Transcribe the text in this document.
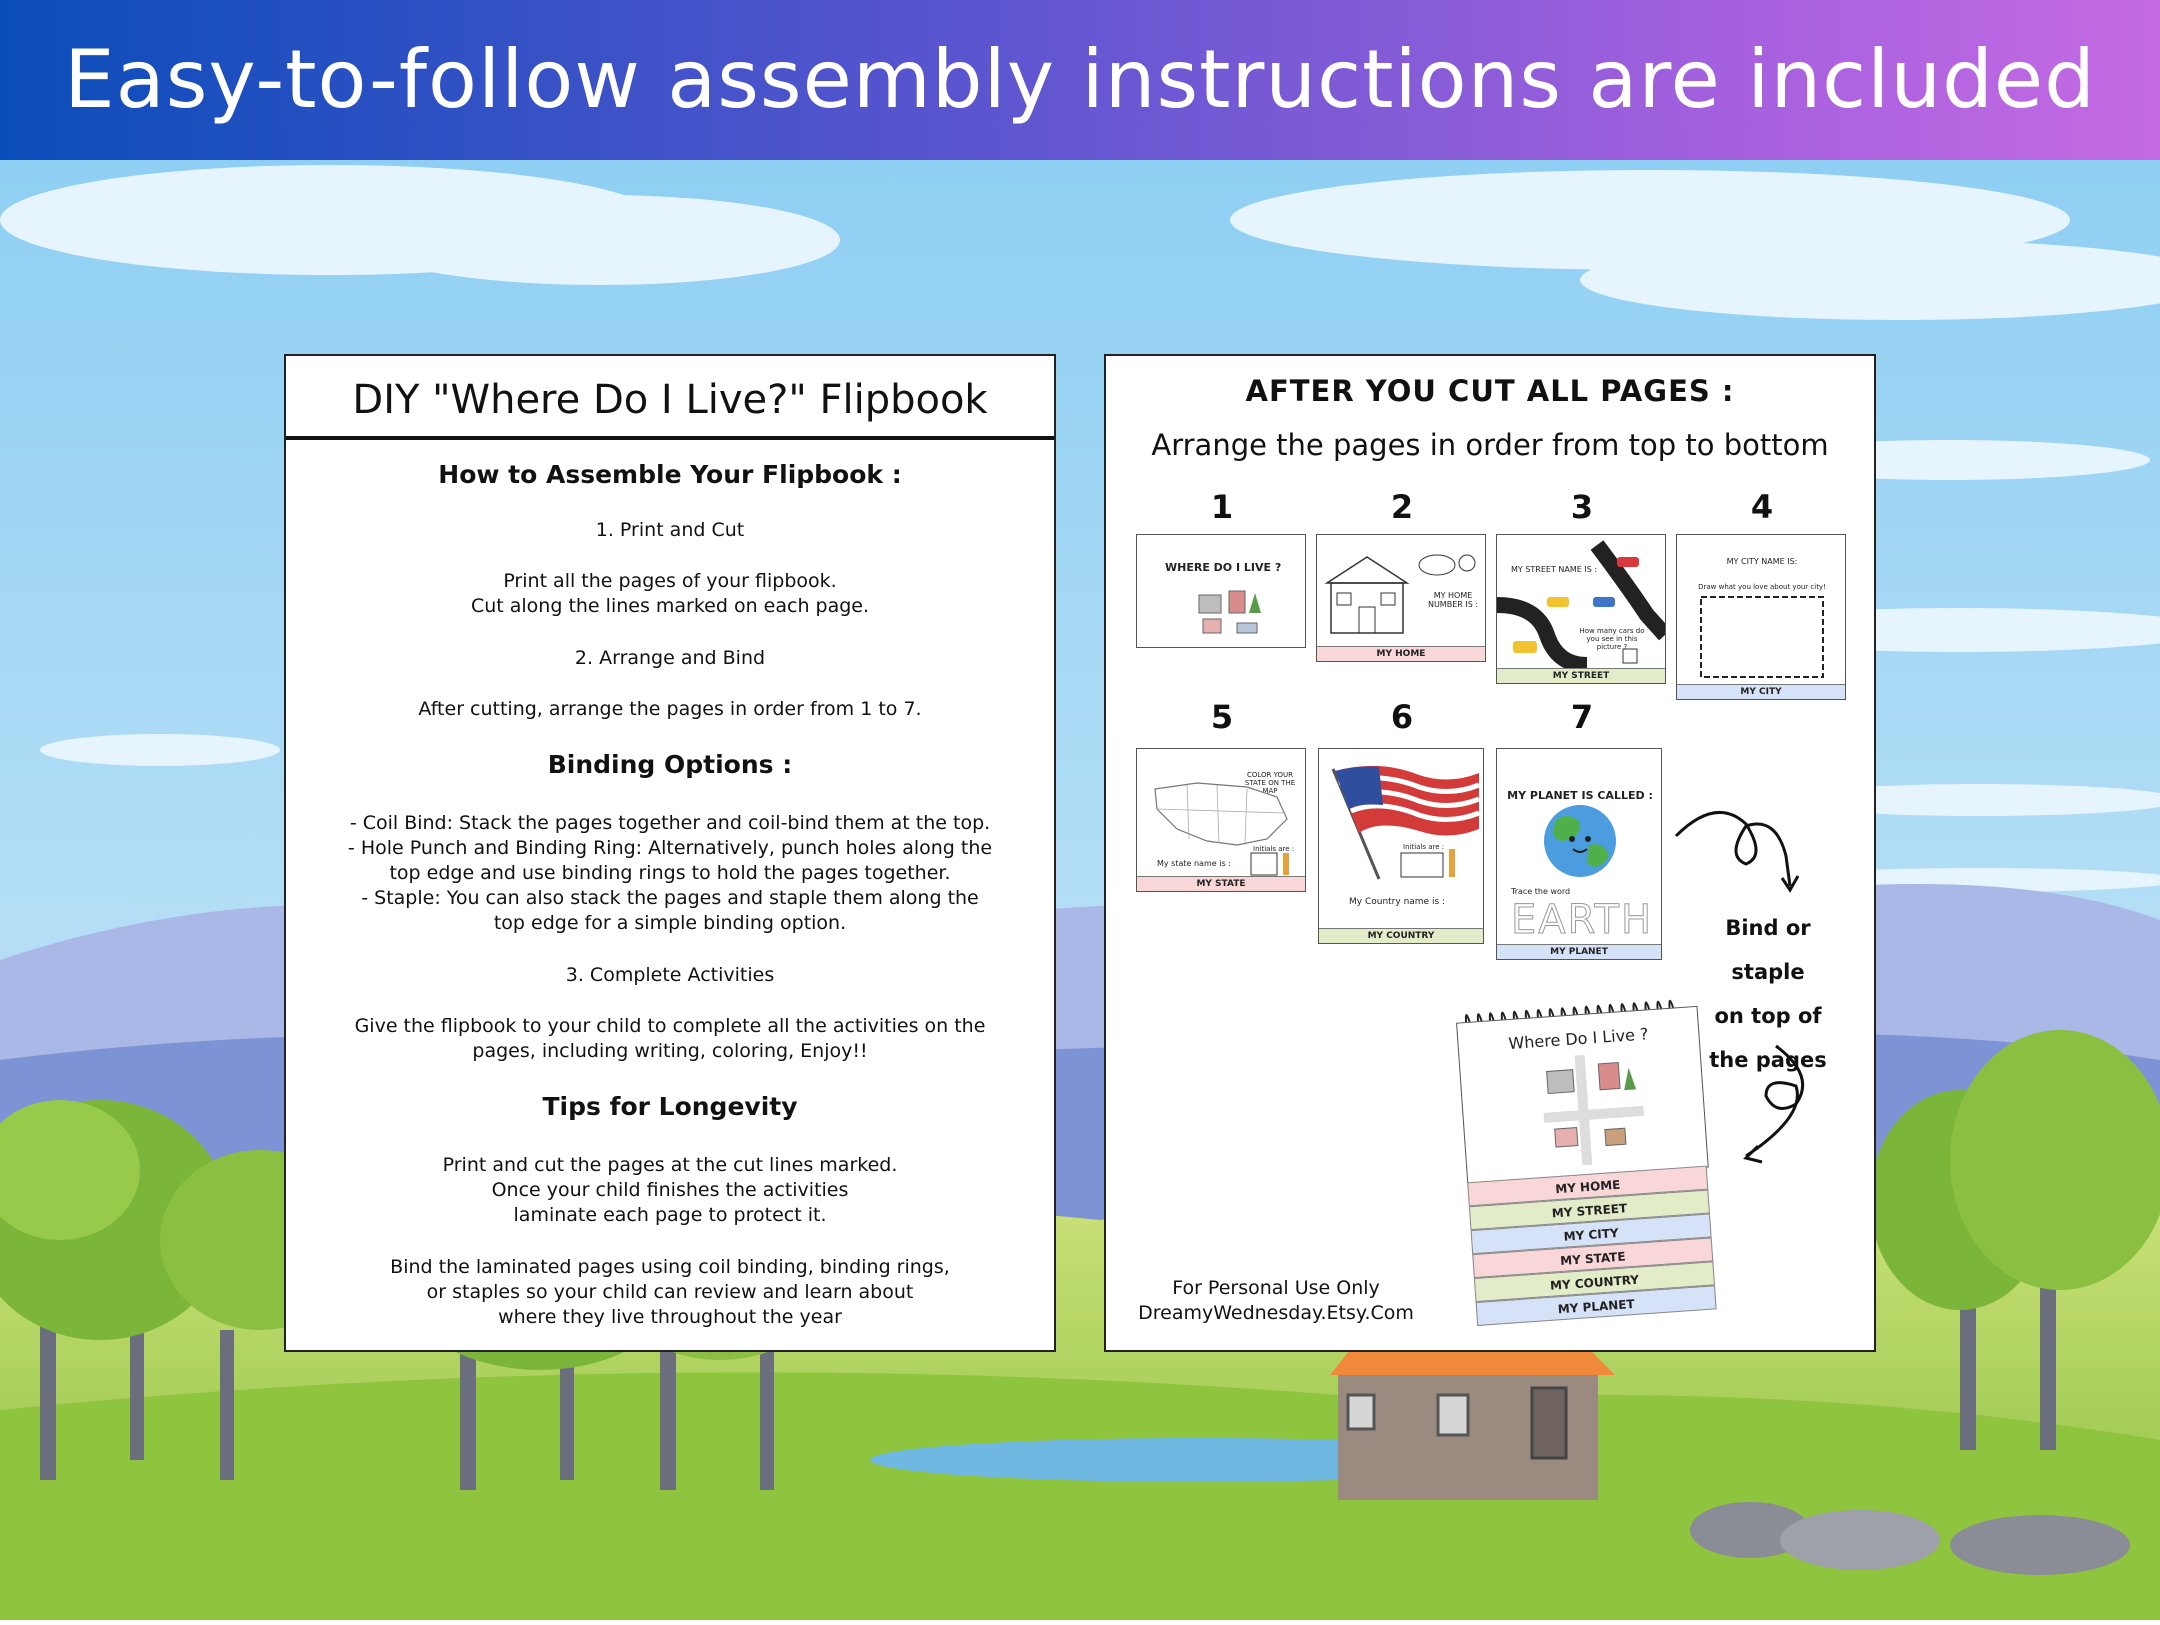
Easy-to-follow assembly instructions are included
DIY "Where Do I Live?" Flipbook
How to Assemble Your Flipbook :
1. Print and Cut
Print all the pages of your flipbook.
Cut along the lines marked on each page.
2. Arrange and Bind
After cutting, arrange the pages in order from 1 to 7.
Binding Options :
- Coil Bind: Stack the pages together and coil-bind them at the top.
- Hole Punch and Binding Ring: Alternatively, punch holes along the
top edge and use binding rings to hold the pages together.
- Staple: You can also stack the pages and staple them along the
top edge for a simple binding option.
3. Complete Activities
Give the flipbook to your child to complete all the activities on the
pages, including writing, coloring, Enjoy!!
Tips for Longevity
Print and cut the pages at the cut lines marked.
Once your child finishes the activities
laminate each page to protect it.
Bind the laminated pages using coil binding, binding rings,
or staples so your child can review and learn about
where they live throughout the year
AFTER YOU CUT ALL PAGES :
Arrange the pages in order from top to bottom
1	2	3	4
WHERE DO I LIVE ?
MY HOME NUMBER IS :
MY HOME
MY STREET NAME IS :
How many cars do you see in this picture ?
MY STREET
MY CITY NAME IS:
Draw what you love about your city!
MY CITY
5	6	7
COLOR YOUR STATE ON THE MAP
My state name is :
Initials are :
MY STATE
Initials are :
My Country name is :
MY COUNTRY
MY PLANET IS CALLED :
Trace the word
EARTH
MY PLANET
Bind or staple
on top of
the pages
Where Do I Live ?
MY HOME
MY STREET
MY CITY
MY STATE
MY COUNTRY
MY PLANET
For Personal Use Only
DreamyWednesday.Etsy.Com
